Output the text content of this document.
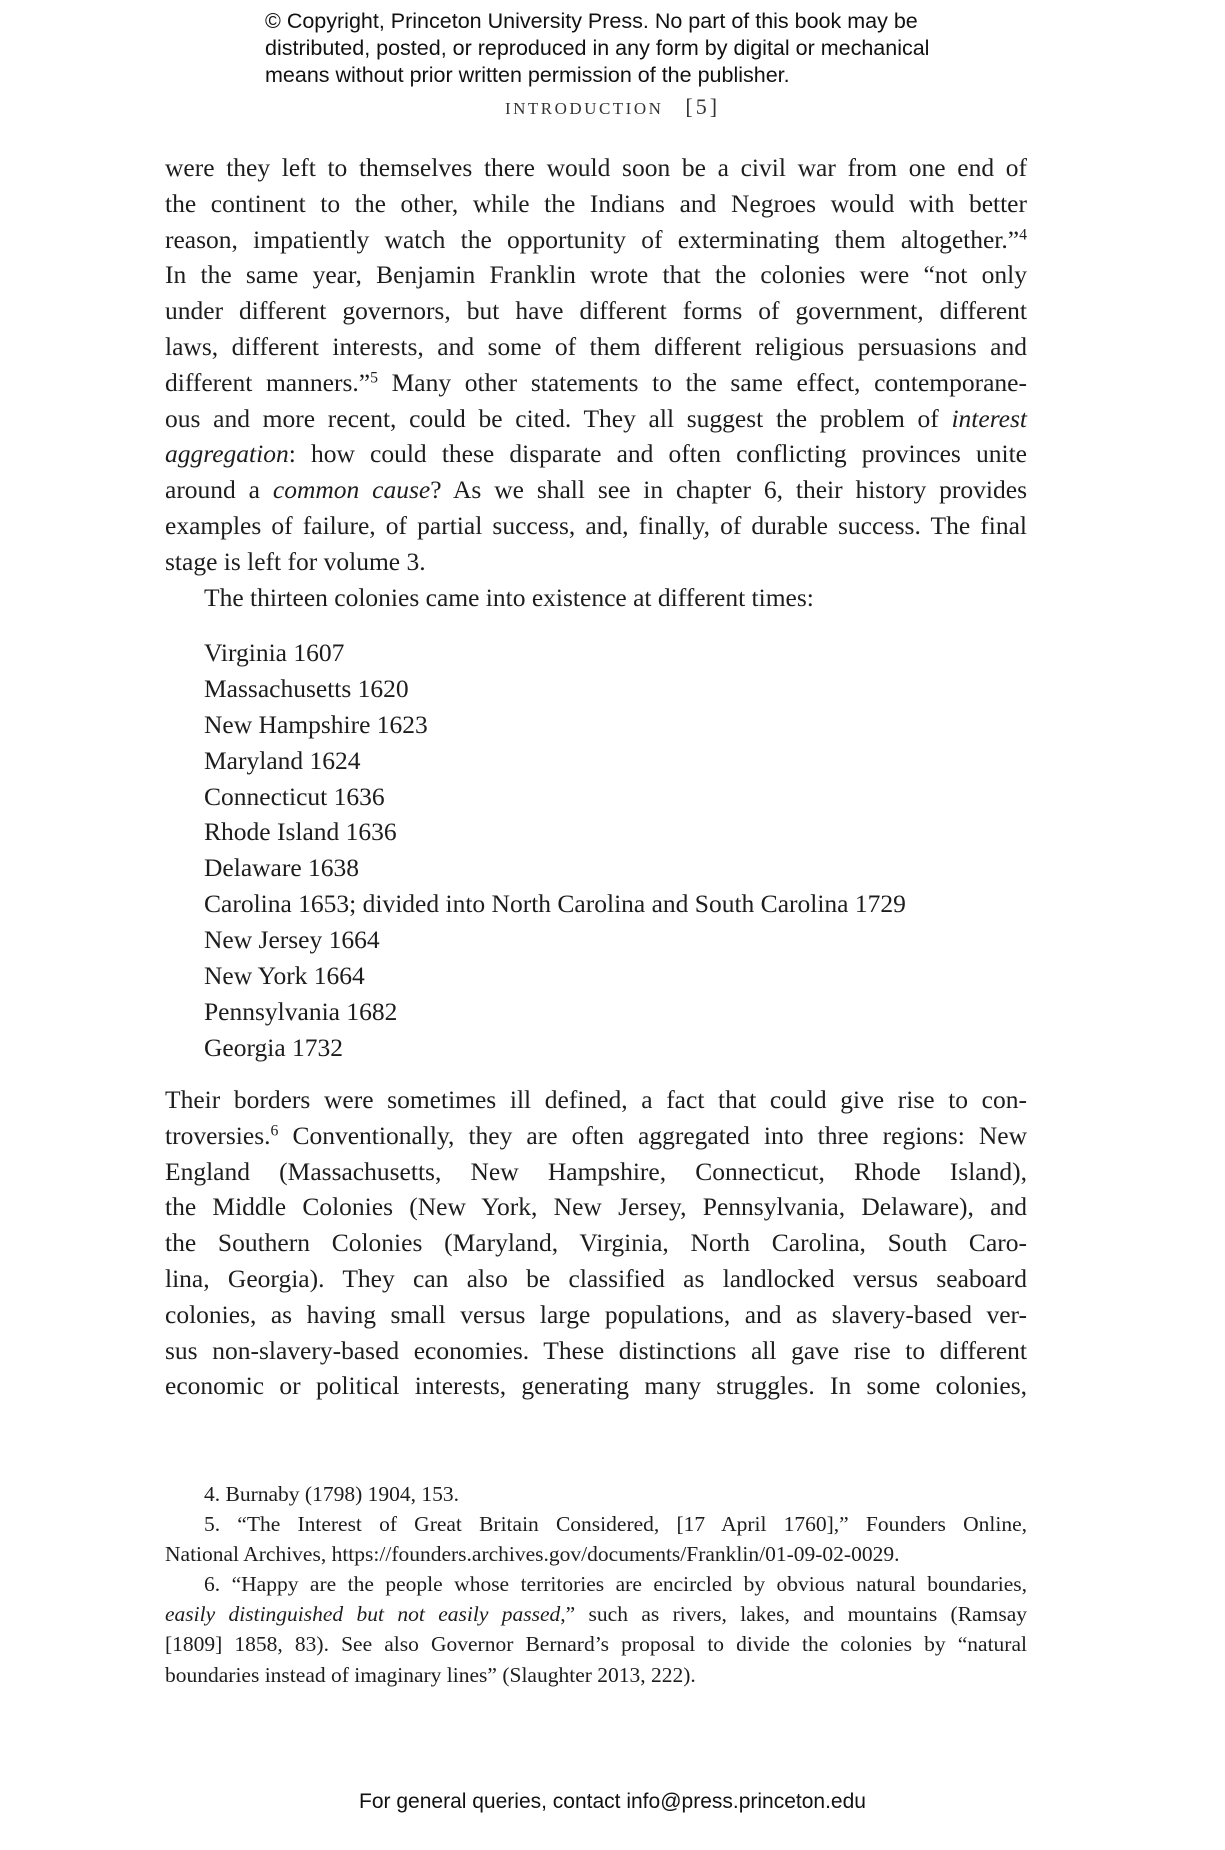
© Copyright, Princeton University Press. No part of this book may be
distributed, posted, or reproduced in any form by digital or mechanical
means without prior written permission of the publisher.
INTRODUCTION [5]
were they left to themselves there would soon be a civil war from one end of
the continent to the other, while the Indians and Negroes would with better
reason, impatiently watch the opportunity of exterminating them altogether.”$^4$
In the same year, Benjamin Franklin wrote that the colonies were “not only
under different governors, but have different forms of government, different
laws, different interests, and some of them different religious persuasions and
different manners.”$^5$ Many other statements to the same effect, contemporane-
ous and more recent, could be cited. They all suggest the problem of interest
aggregation: how could these disparate and often conflicting provinces unite
around a common cause? As we shall see in chapter 6, their history provides
examples of failure, of partial success, and, finally, of durable success. The final
stage is left for volume 3.
The thirteen colonies came into existence at different times:
Virginia 1607
Massachusetts 1620
New Hampshire 1623
Maryland 1624
Connecticut 1636
Rhode Island 1636
Delaware 1638
Carolina 1653; divided into North Carolina and South Carolina 1729
New Jersey 1664
New York 1664
Pennsylvania 1682
Georgia 1732
Their borders were sometimes ill defined, a fact that could give rise to con-
troversies.$^6$ Conventionally, they are often aggregated into three regions: New
England (Massachusetts, New Hampshire, Connecticut, Rhode Island),
the Middle Colonies (New York, New Jersey, Pennsylvania, Delaware), and
the Southern Colonies (Maryland, Virginia, North Carolina, South Caro-
lina, Georgia). They can also be classified as landlocked versus seaboard
colonies, as having small versus large populations, and as slavery-based ver-
sus non-slavery-based economies. These distinctions all gave rise to different
economic or political interests, generating many struggles. In some colonies,
4. Burnaby (1798) 1904, 153.
5. “The Interest of Great Britain Considered, [17 April 1760],” Founders Online,
National Archives, https://founders.archives.gov/documents/Franklin/01-09-02-0029.
6. “Happy are the people whose territories are encircled by obvious natural boundaries,
easily distinguished but not easily passed,” such as rivers, lakes, and mountains (Ramsay
[1809] 1858, 83). See also Governor Bernard’s proposal to divide the colonies by “natural
boundaries instead of imaginary lines” (Slaughter 2013, 222).
For general queries, contact info@press.princeton.edu
